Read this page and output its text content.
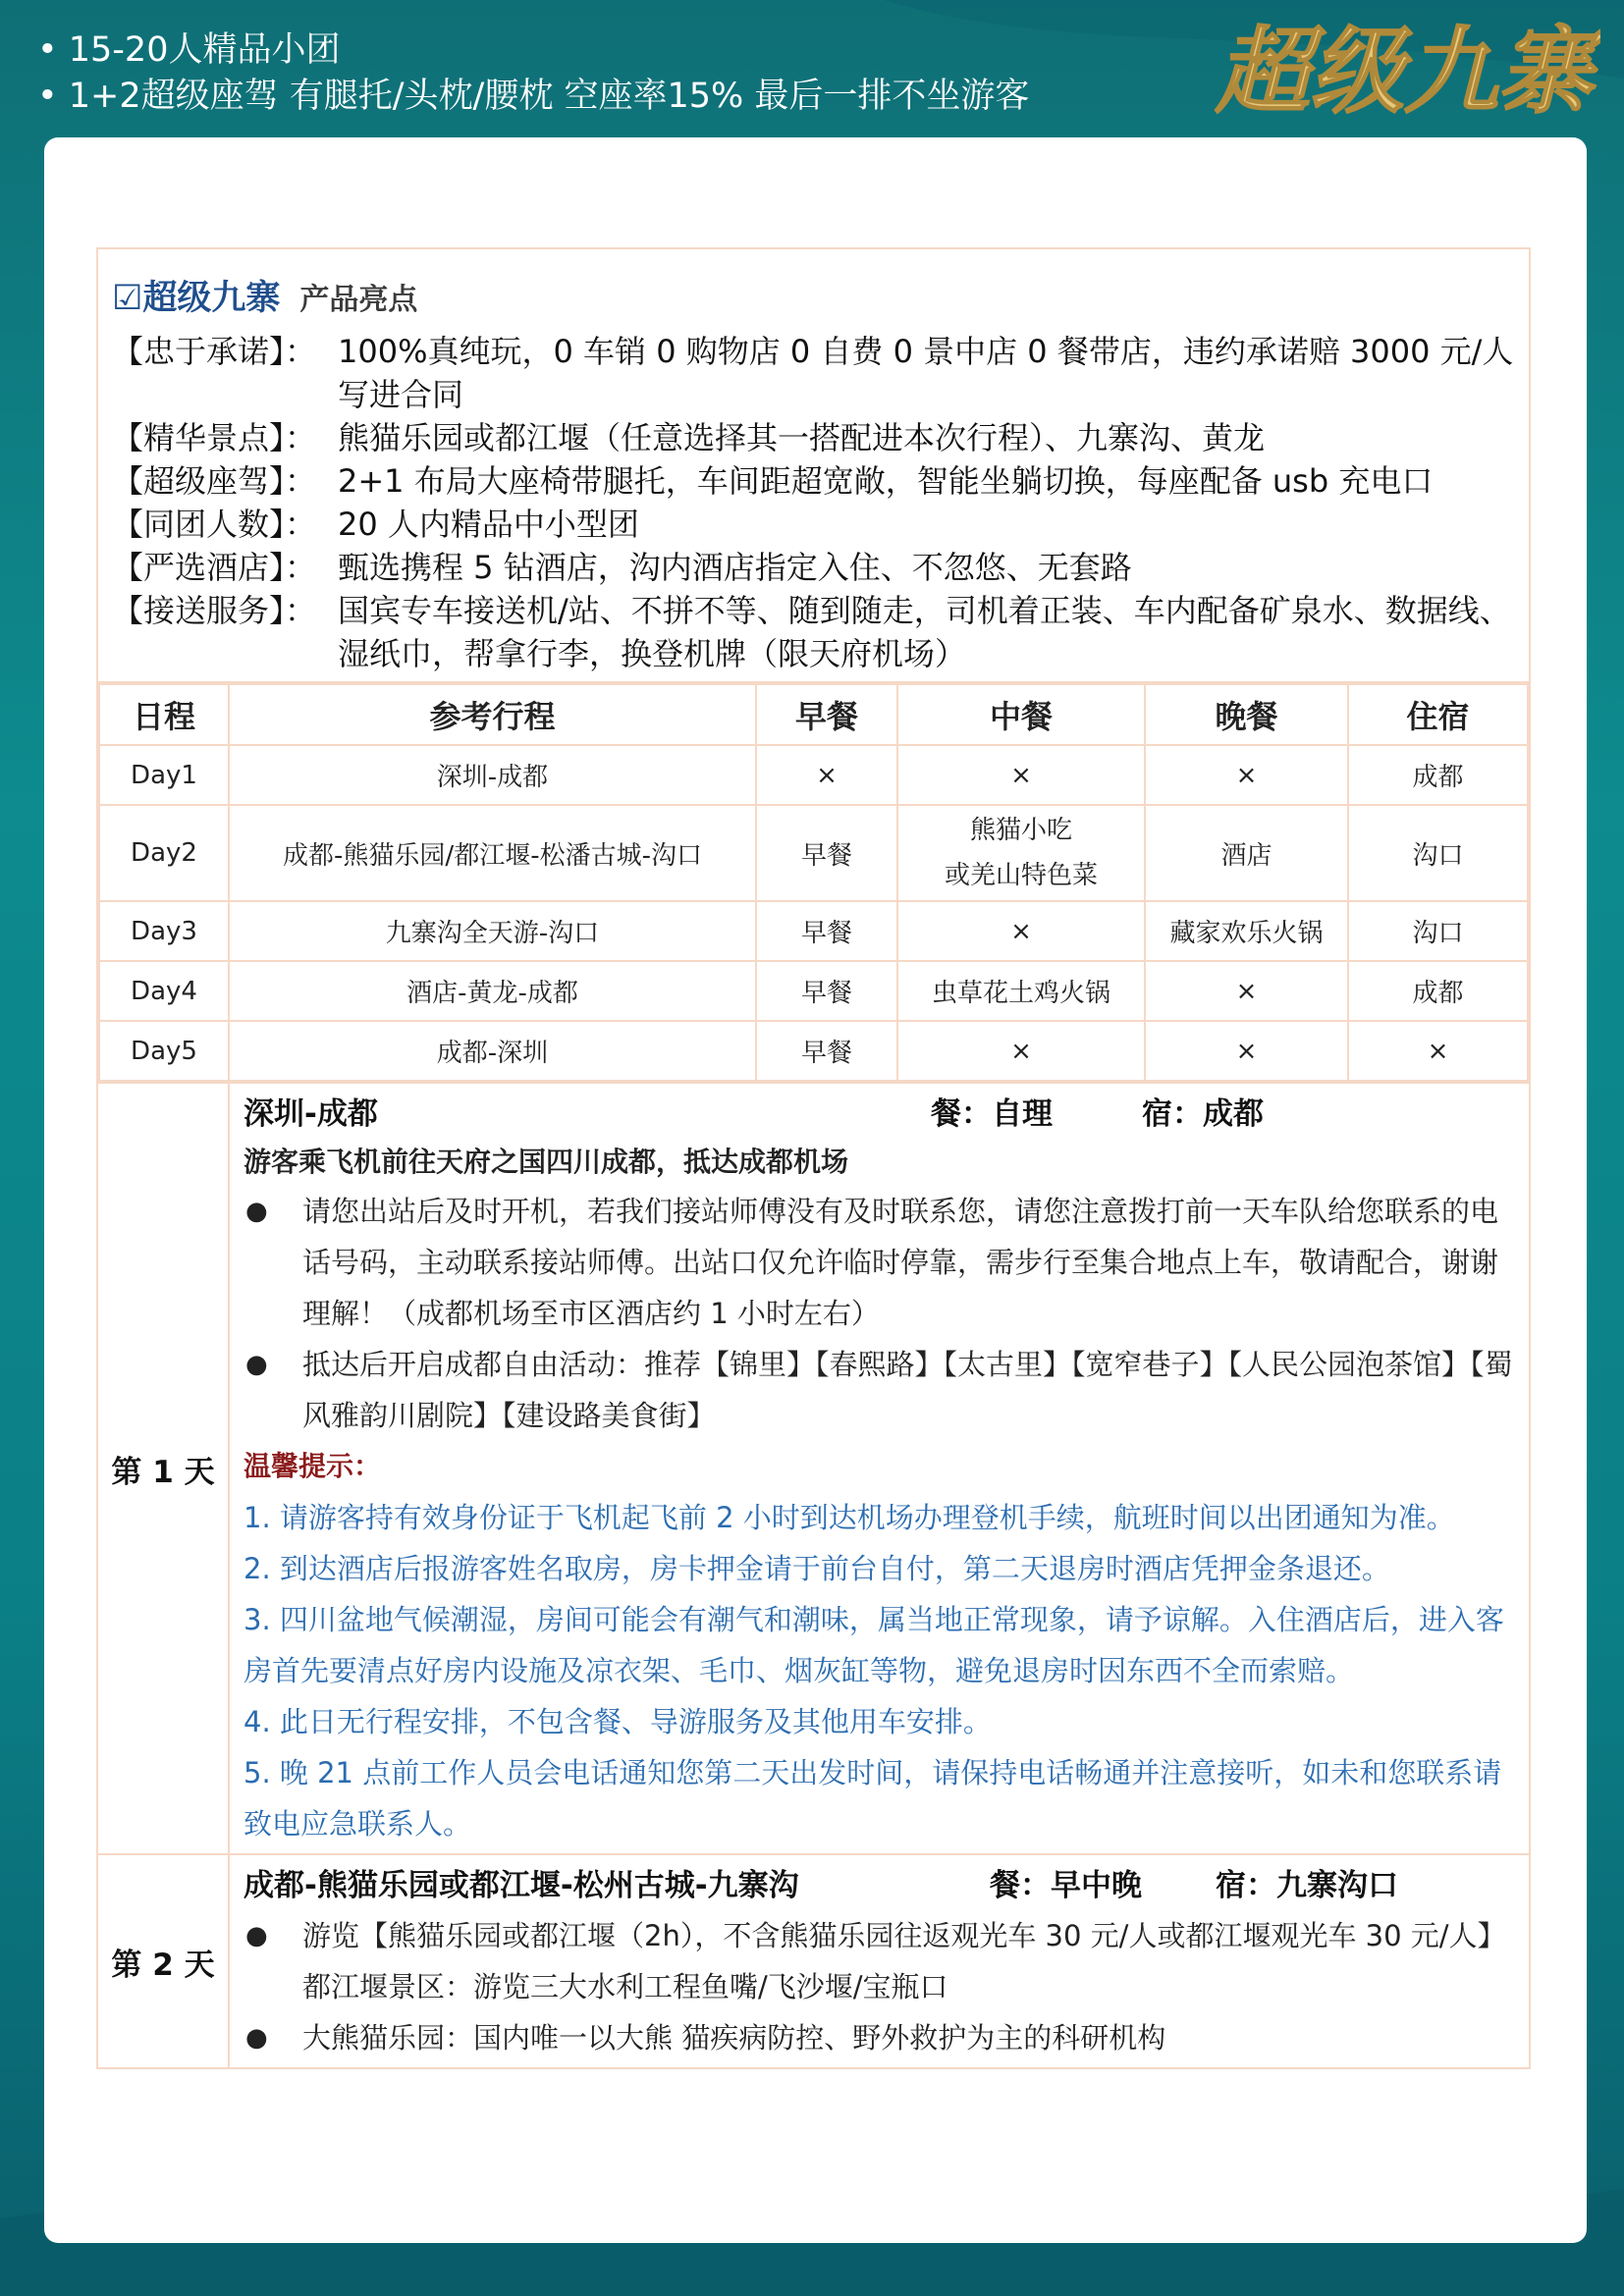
• 15-20人精品小团
• 1+2超级座驾 有腿托/头枕/腰枕 空座率15% 最后一排不坐游客 超级九寨
☑超级九寨 产品亮点
【忠于承诺】： 100%真纯玩，0 车销 0 购物店 0 自费 0 景中店 0 餐带店，违约承诺赔 3000 元/人写进合同
【精华景点】： 熊猫乐园或都江堰（任意选择其一搭配进本次行程）、九寨沟、黄龙
【超级座驾】： 2+1 布局大座椅带腿托，车间距超宽敞，智能坐躺切换，每座配备 usb 充电口
【同团人数】： 20 人内精品中小型团
【严选酒店】： 甄选携程 5 钻酒店，沟内酒店指定入住、不忽悠、无套路
【接送服务】： 国宾专车接送机/站、不拼不等、随到随走，司机着正装、车内配备矿泉水、数据线、湿纸巾，帮拿行李，换登机牌（限天府机场）
日程	参考行程	早餐	中餐	晚餐	住宿
Day1	深圳-成都	×	×	×	成都
Day2	成都-熊猫乐园/都江堰-松潘古城-沟口	早餐	熊猫小吃
或羌山特色菜	酒店	沟口
Day3	九寨沟全天游-沟口	早餐	×	藏家欢乐火锅	沟口
Day4	酒店-黄龙-成都	早餐	虫草花土鸡火锅	×	成都
Day5	成都-深圳	早餐	×	×	×
第 1 天
深圳-成都	餐：自理	宿：成都
游客乘飞机前往天府之国四川成都，抵达成都机场
●	请您出站后及时开机，若我们接站师傅没有及时联系您，请您注意拨打前一天车队给您联系的电话号码，主动联系接站师傅。出站口仅允许临时停靠，需步行至集合地点上车，敬请配合，谢谢理解！（成都机场至市区酒店约 1 小时左右）
●	抵达后开启成都自由活动：推荐【锦里】【春熙路】【太古里】【宽窄巷子】【人民公园泡茶馆】【蜀风雅韵川剧院】【建设路美食街】
温馨提示：
1. 请游客持有效身份证于飞机起飞前 2 小时到达机场办理登机手续，航班时间以出团通知为准。
2. 到达酒店后报游客姓名取房，房卡押金请于前台自付，第二天退房时酒店凭押金条退还。
3. 四川盆地气候潮湿，房间可能会有潮气和潮味，属当地正常现象，请予谅解。入住酒店后，进入客房首先要清点好房内设施及凉衣架、毛巾、烟灰缸等物，避免退房时因东西不全而索赔。
4. 此日无行程安排，不包含餐、导游服务及其他用车安排。
5. 晚 21 点前工作人员会电话通知您第二天出发时间，请保持电话畅通并注意接听，如未和您联系请致电应急联系人。
第 2 天
成都-熊猫乐园或都江堰-松州古城-九寨沟	餐：早中晚	宿：九寨沟口
●	游览【熊猫乐园或都江堰（2h），不含熊猫乐园往返观光车 30 元/人或都江堰观光车 30 元/人】都江堰景区：游览三大水利工程鱼嘴/飞沙堰/宝瓶口
●	大熊猫乐园：国内唯一以大熊 猫疾病防控、野外救护为主的科研机构
